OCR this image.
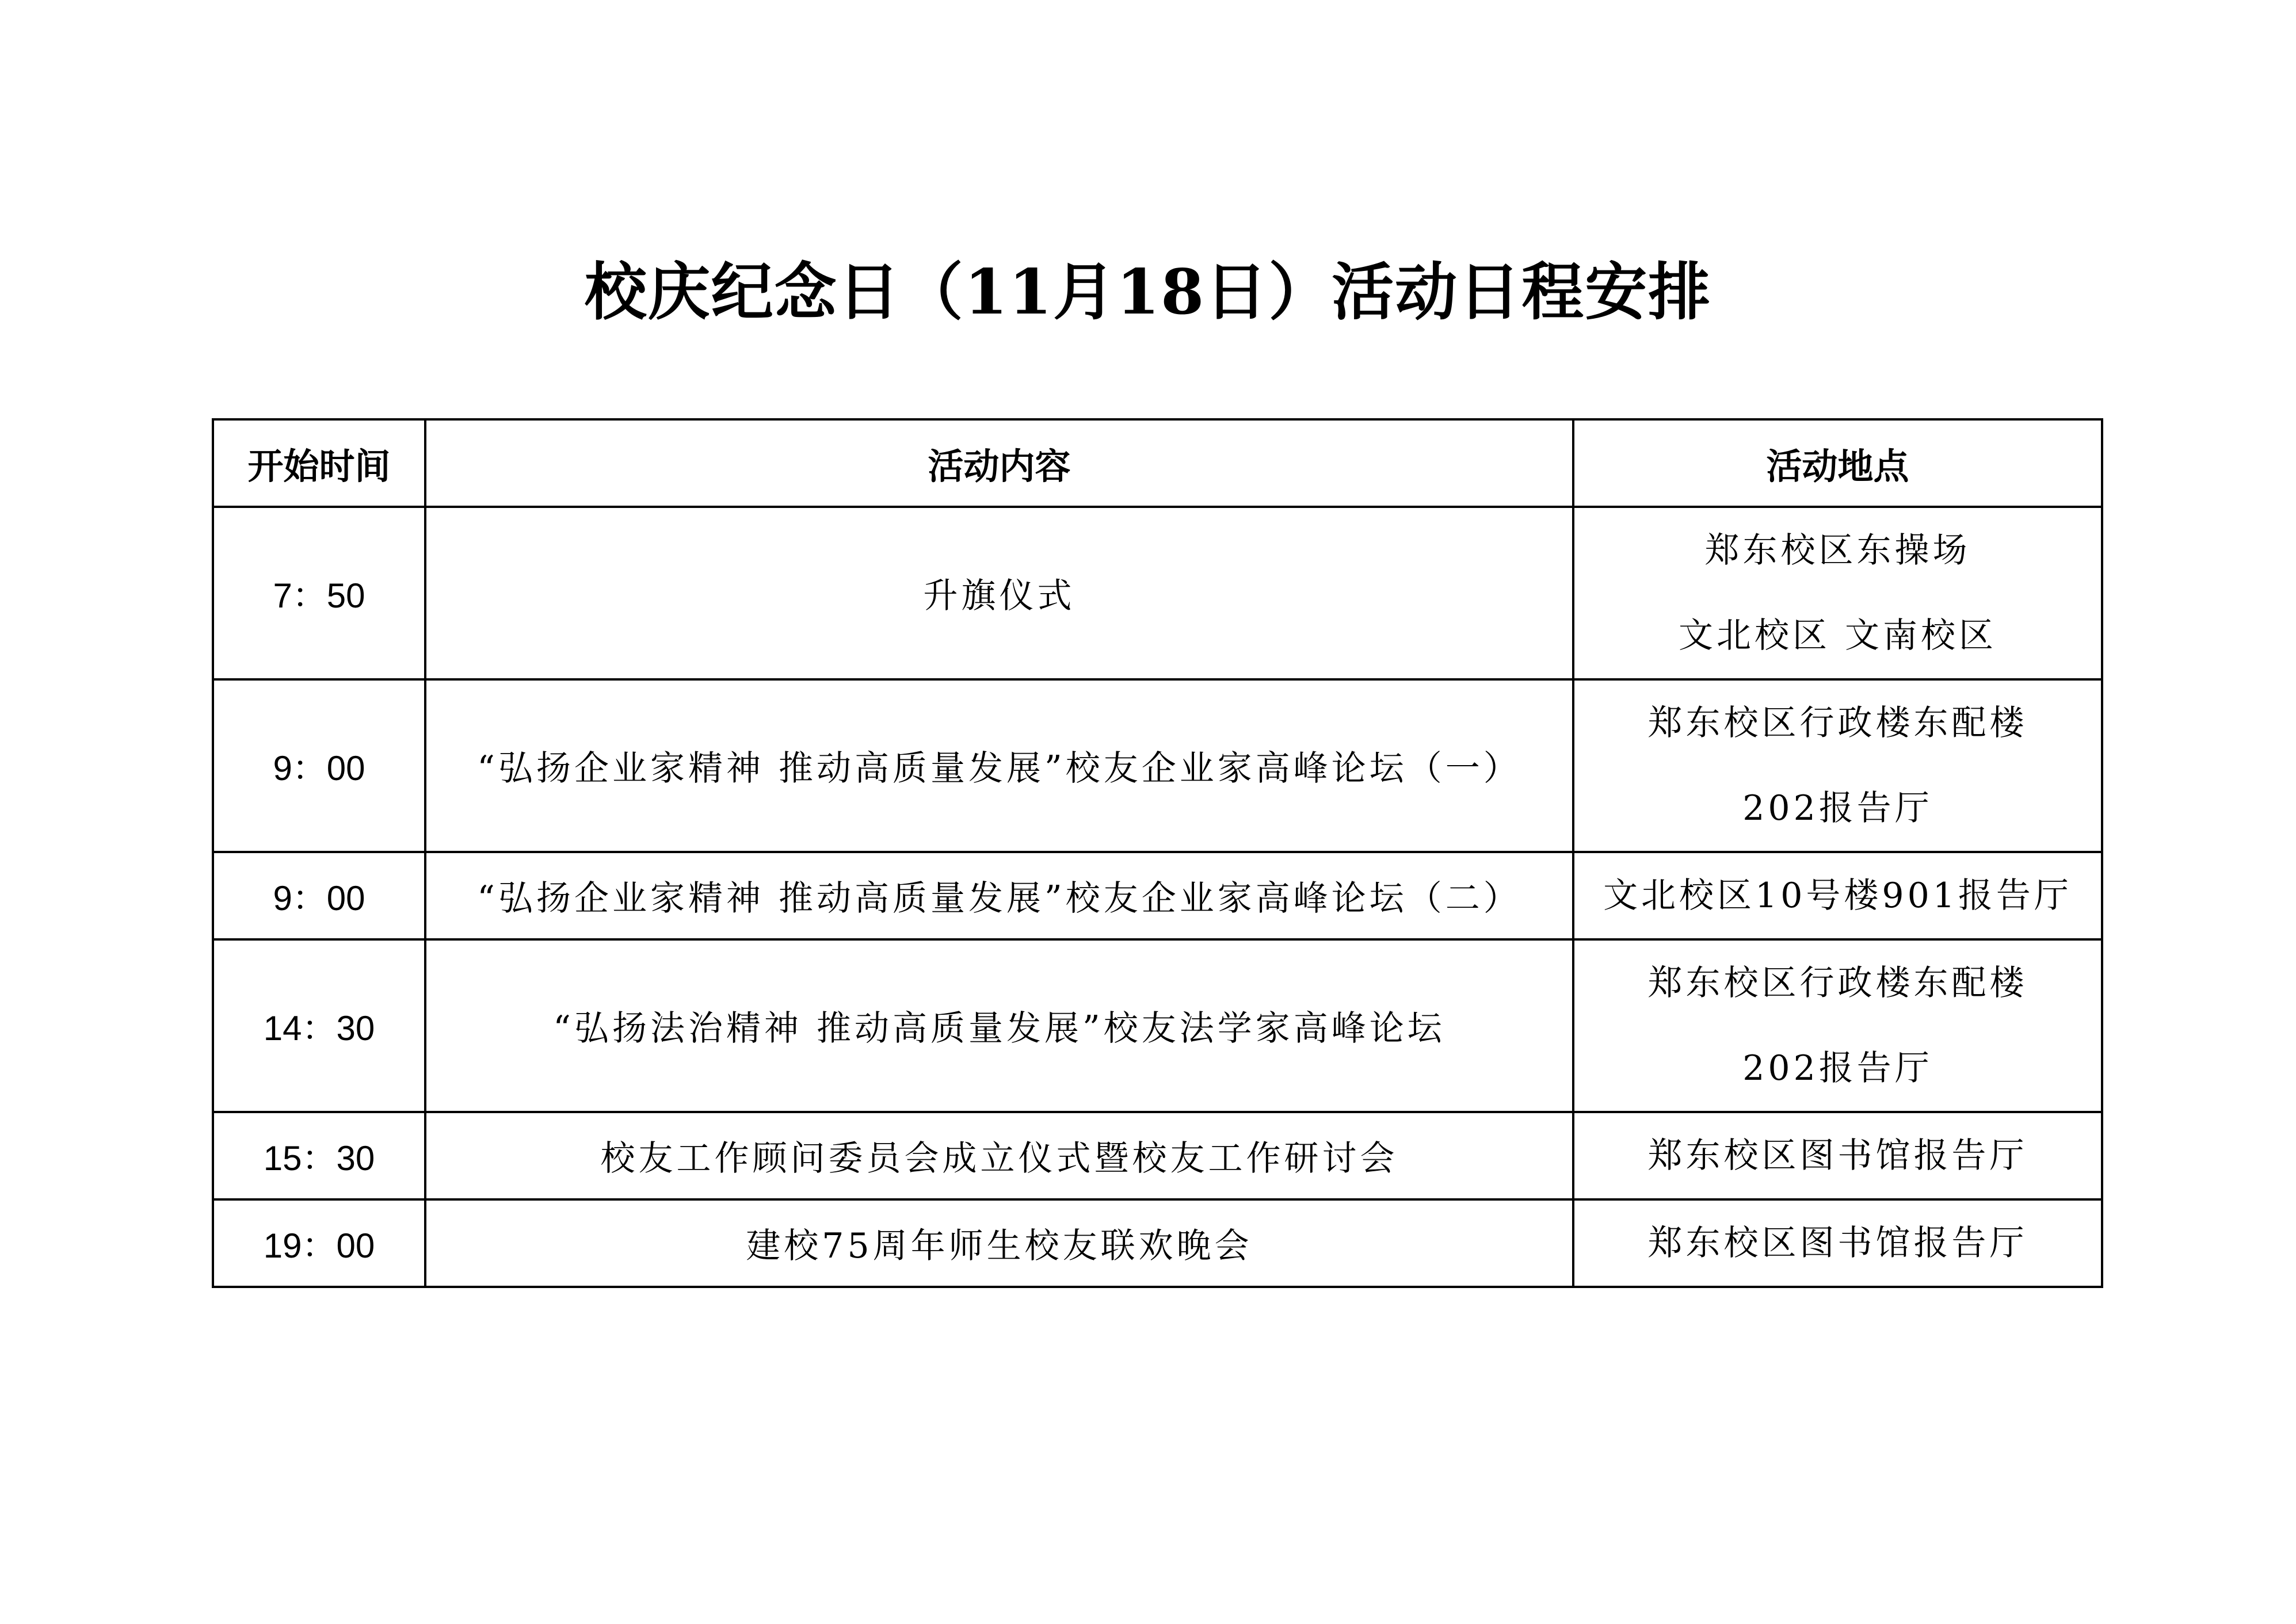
校庆纪念日（11月18日）活动日程安排
开始时间	活动内容	活动地点
7：50	升旗仪式	郑东校区东操场
文北校区 文南校区

9：00	“弘扬企业家精神 推动高质量发展”校友企业家高峰论坛（一）	郑东校区行政楼东配楼
202报告厅

9：00	“弘扬企业家精神 推动高质量发展”校友企业家高峰论坛（二）	文北校区10号楼901报告厅

14：30	“弘扬法治精神 推动高质量发展”校友法学家高峰论坛	郑东校区行政楼东配楼
202报告厅

15：30	校友工作顾问委员会成立仪式暨校友工作研讨会	郑东校区图书馆报告厅

19：00	建校75周年师生校友联欢晚会	郑东校区图书馆报告厅
